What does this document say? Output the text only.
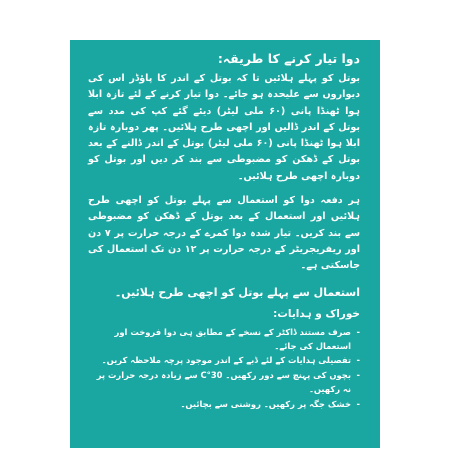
دوا تیار کرنے کا طریقہ:

بوتل کو پہلے ہلائیں تا کہ بوتل کے اندر کا پاؤڈر اس کی دیواروں سے علیحدہ ہو جائے۔ دوا تیار کرنے کے لئے تازہ ابلا ہوا ٹھنڈا پانی (۶۰ ملی لیٹر) دیئے گئے کپ کی مدد سے بوتل کے اندر ڈالیں اور اچھی طرح ہلائیں۔ پھر دوبارہ تازہ ابلا ہوا ٹھنڈا پانی (۶۰ ملی لیٹر) بوتل کے اندر ڈالنے کے بعد بوتل کے ڈھکن کو مضبوطی سے بند کر دیں اور بوتل کو دوبارہ اچھی طرح ہلائیں۔

ہر دفعہ دوا کو استعمال سے پہلے بوتل کو اچھی طرح ہلائیں اور استعمال کے بعد بوتل کے ڈھکن کو مضبوطی سے بند کریں۔ تیار شدہ دوا کمرے کے درجہ حرارت پر ۷ دن اور ریفریجریٹر کے درجہ حرارت پر ۱۲ دن تک استعمال کی جاسکتی ہے۔

استعمال سے پہلے بوتل کو اچھی طرح ہلائیں۔
خوراک و ہدایات:
-
صرف مستند ڈاکٹر کے نسخے کے مطابق ہی دوا فروخت اور استعمال کی جائے۔
-
تفصیلی ہدایات کے لئے ڈبے کے اندر موجود پرچہ ملاحظہ کریں۔
-
بچوں کی پہنچ سے دور رکھیں۔ 30°C سے زیادہ درجہ حرارت پر نہ رکھیں۔
-
خشک جگہ پر رکھیں۔ روشنی سے بچائیں۔
